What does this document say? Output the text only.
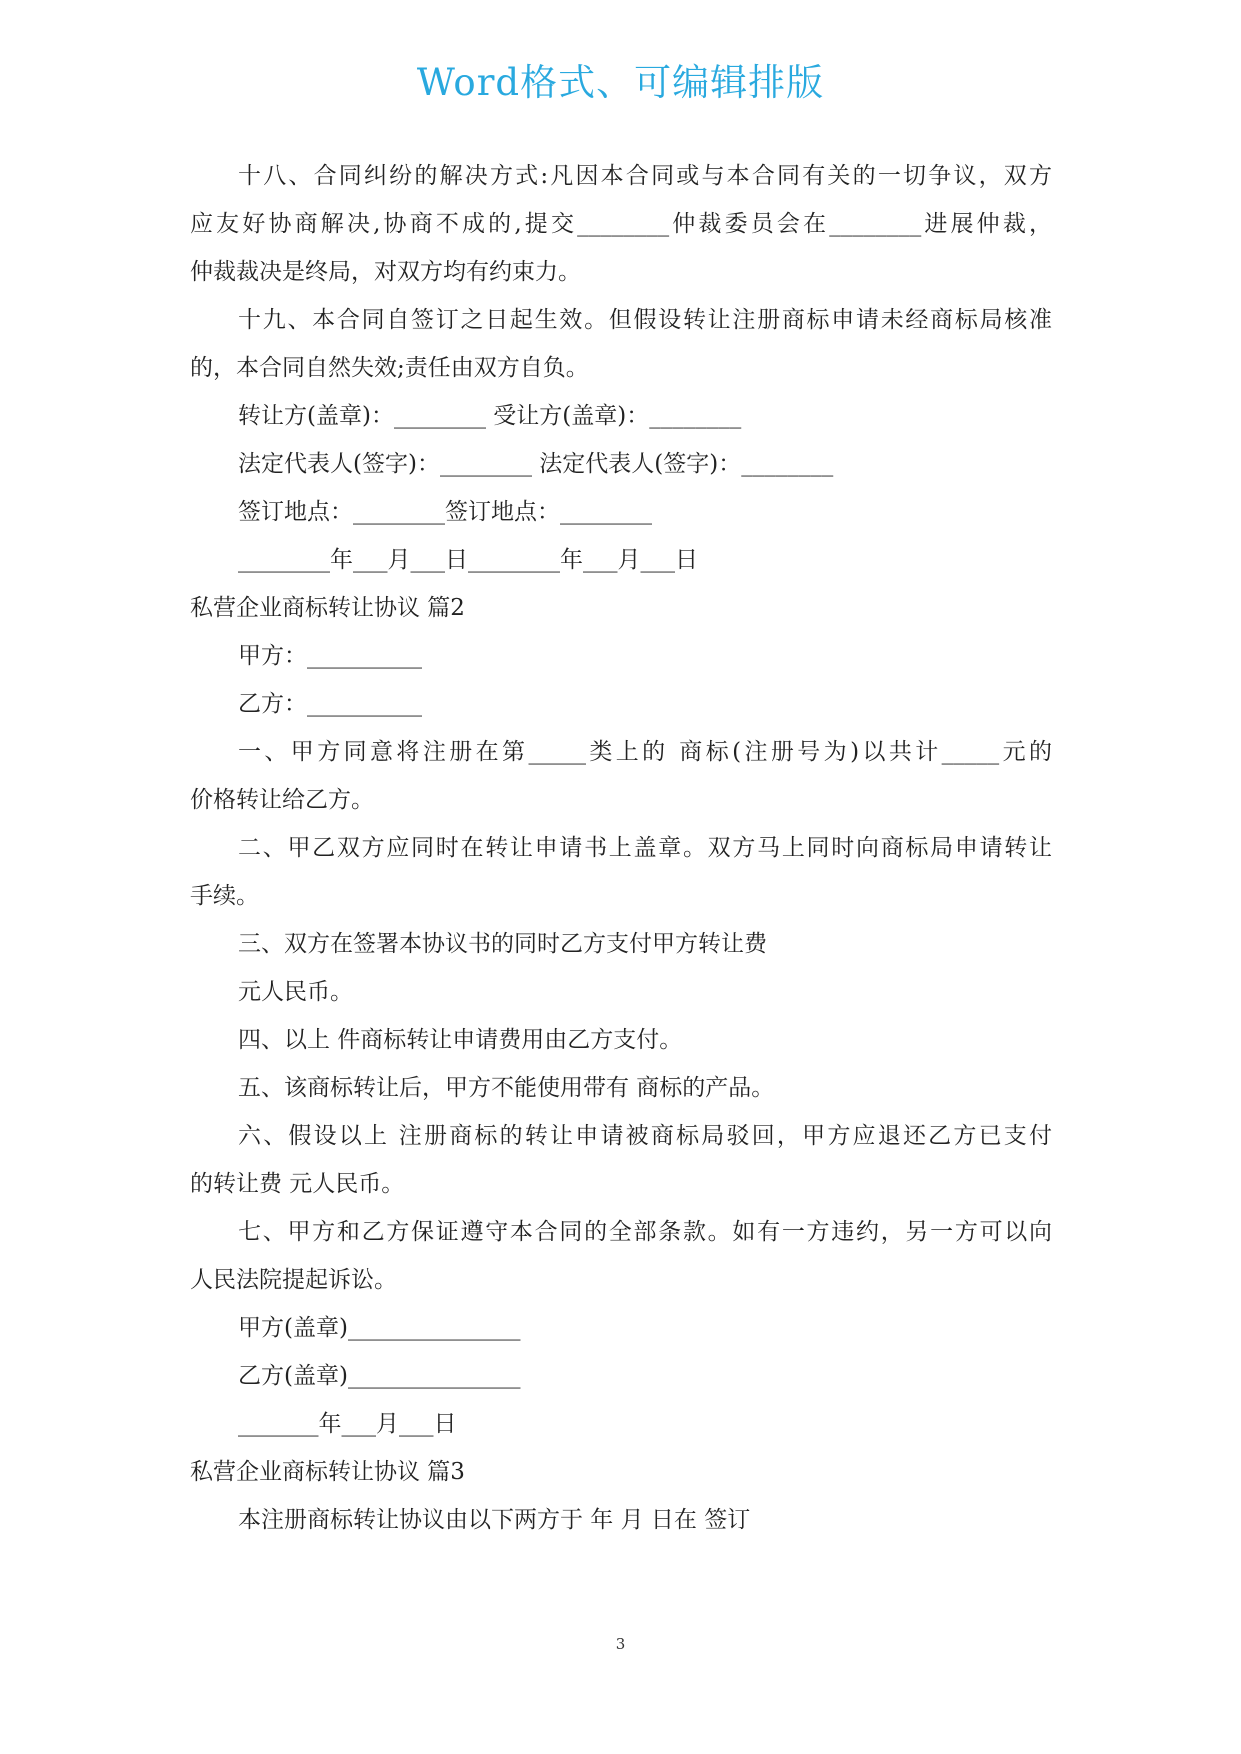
Word格式、可编辑排版
十八、合同纠纷的解决方式:凡因本合同或与本合同有关的一切争议，双方
应友好协商解决,协商不成的,提交________仲裁委员会在________进展仲裁，
仲裁裁决是终局，对双方均有约束力。
十九、本合同自签订之日起生效。但假设转让注册商标申请未经商标局核准
的，本合同自然失效;责任由双方自负。
转让方(盖章)：________ 受让方(盖章)：________
法定代表人(签字)：________ 法定代表人(签字)：________
签订地点：________签订地点：________
________年___月___日________年___月___日
私营企业商标转让协议 篇2
甲方：__________
乙方：__________
一、甲方同意将注册在第_____类上的 商标(注册号为)以共计_____元的
价格转让给乙方。
二、甲乙双方应同时在转让申请书上盖章。双方马上同时向商标局申请转让
手续。
三、双方在签署本协议书的同时乙方支付甲方转让费
元人民币。
四、以上 件商标转让申请费用由乙方支付。
五、该商标转让后，甲方不能使用带有 商标的产品。
六、假设以上 注册商标的转让申请被商标局驳回，甲方应退还乙方已支付
的转让费 元人民币。
七、甲方和乙方保证遵守本合同的全部条款。如有一方违约，另一方可以向
人民法院提起诉讼。
甲方(盖章)_______________
乙方(盖章)_______________
_______年___月___日
私营企业商标转让协议 篇3
本注册商标转让协议由以下两方于 年 月 日在 签订
3
